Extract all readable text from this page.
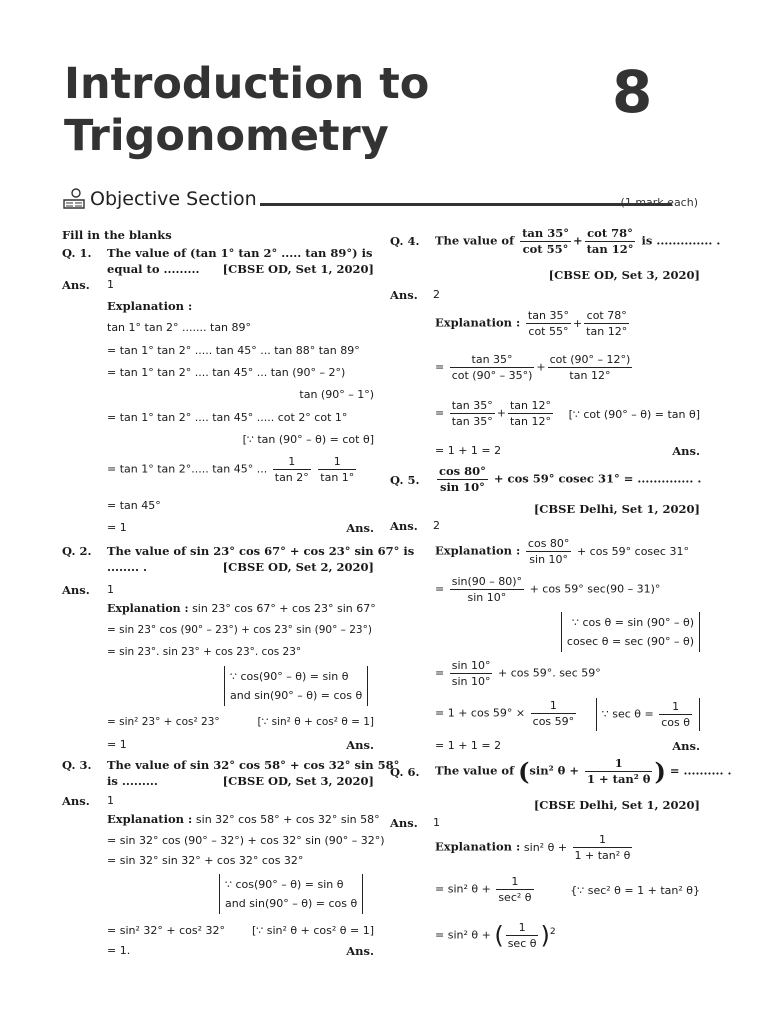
Introduction to
Trigonometry
8
Objective Section	(1 mark each)
Fill in the blanks
Q. 1. The value of (tan 1° tan 2° ..... tan 89°) is
equal to ......... [CBSE OD, Set 1, 2020]
Ans. 1
Explanation :
tan 1° tan 2° ....... tan 89°
= tan 1° tan 2° ..... tan 45° ... tan 88° tan 89°
= tan 1° tan 2° .... tan 45° ... tan (90° – 2°)
tan (90° – 1°)
= tan 1° tan 2° .... tan 45° ..... cot 2° cot 1°
[∵ tan (90° – θ) = cot θ]
= tan 1° tan 2°..... tan 45° ... $\frac{1}{\tan 2^\circ}$
$\frac{1}{\tan 1^\circ}$
= tan 45°
= 1	Ans.
Q. 2. The value of sin 23° cos 67° + cos 23° sin 67° is
........ .	[CBSE OD, Set 2, 2020]
Ans. 1
Explanation : sin 23° cos 67° + cos 23° sin 67°
= sin 23° cos (90° – 23°) + cos 23° sin (90° – 23°)
= sin 23°. sin 23° + cos 23°. cos 23°
∵ cos(90° – θ) = sin θ
and sin(90° – θ) = cos θ
= sin² 23° + cos² 23°	[∵ sin² θ + cos² θ = 1]
= 1	Ans.
Q. 3. The value of sin 32° cos 58° + cos 32° sin 58°
is .........	[CBSE OD, Set 3, 2020]
Ans. 1
Explanation : sin 32° cos 58° + cos 32° sin 58°
= sin 32° cos (90° – 32°) + cos 32° sin (90° – 32°)
= sin 32° sin 32° + cos 32° cos 32°
∵ cos(90° – θ) = sin θ
and sin(90° – θ) = cos θ
= sin² 32° + cos² 32° [∵ sin² θ + cos² θ = 1]
= 1.	Ans.
Q. 4. The value of $\frac{\tan 35^\circ}{\cot 55^\circ} + \frac{\cot 78^\circ}{\tan 12^\circ}$ is .............. .
[CBSE OD, Set 3, 2020]
Ans. 2
Explanation : $\frac{\tan 35^\circ}{\cot 55^\circ} + \frac{\cot 78^\circ}{\tan 12^\circ}$
= $\frac{\tan 35^\circ}{\cot (90^\circ - 35^\circ)} + \frac{\cot (90^\circ - 12^\circ)}{\tan 12^\circ}$
= $\frac{\tan 35^\circ}{\tan 35^\circ} + \frac{\tan 12^\circ}{\tan 12^\circ}$ [∵ cot (90° – θ) = tan θ]
= 1 + 1 = 2	Ans.
Q. 5. $\frac{\cos 80^\circ}{\sin 10^\circ} + \cos 59^\circ$ cosec 31° = .............. .
[CBSE Delhi, Set 1, 2020]
Ans. 2
Explanation : $\frac{\cos 80^\circ}{\sin 10^\circ} + \cos 59^\circ$ cosec 31°
= $\frac{\sin(90 - 80)^\circ}{\sin 10^\circ} + \cos 59^\circ$ sec(90 – 31)°
∵ cos θ = sin (90° – θ)
cosec θ = sec (90° – θ)
= $\frac{\sin 10^\circ}{\sin 10^\circ} + \cos 59^\circ$. sec 59°
= $1 + \cos 59^\circ \times \frac{1}{\cos 59^\circ}$	∵ $\sec \theta = \frac{1}{\text{cos θ}}$
= 1 + 1 = 2	Ans.
Q. 6. The value of (sin² $\theta + \frac{1}{\text{1 + tan² θ}}$ ) = .......... .
[CBSE Delhi, Set 1, 2020]
Ans. 1
Explanation : sin² $\theta + \frac{1}{\text{1 + tan² θ}}$
= sin² $\theta + \frac{1}{\text{sec² θ}}$	{∵ sec² θ = 1 + tan² θ}
= sin² θ + ( $\frac{1}{\text{sec θ}} )^2$
